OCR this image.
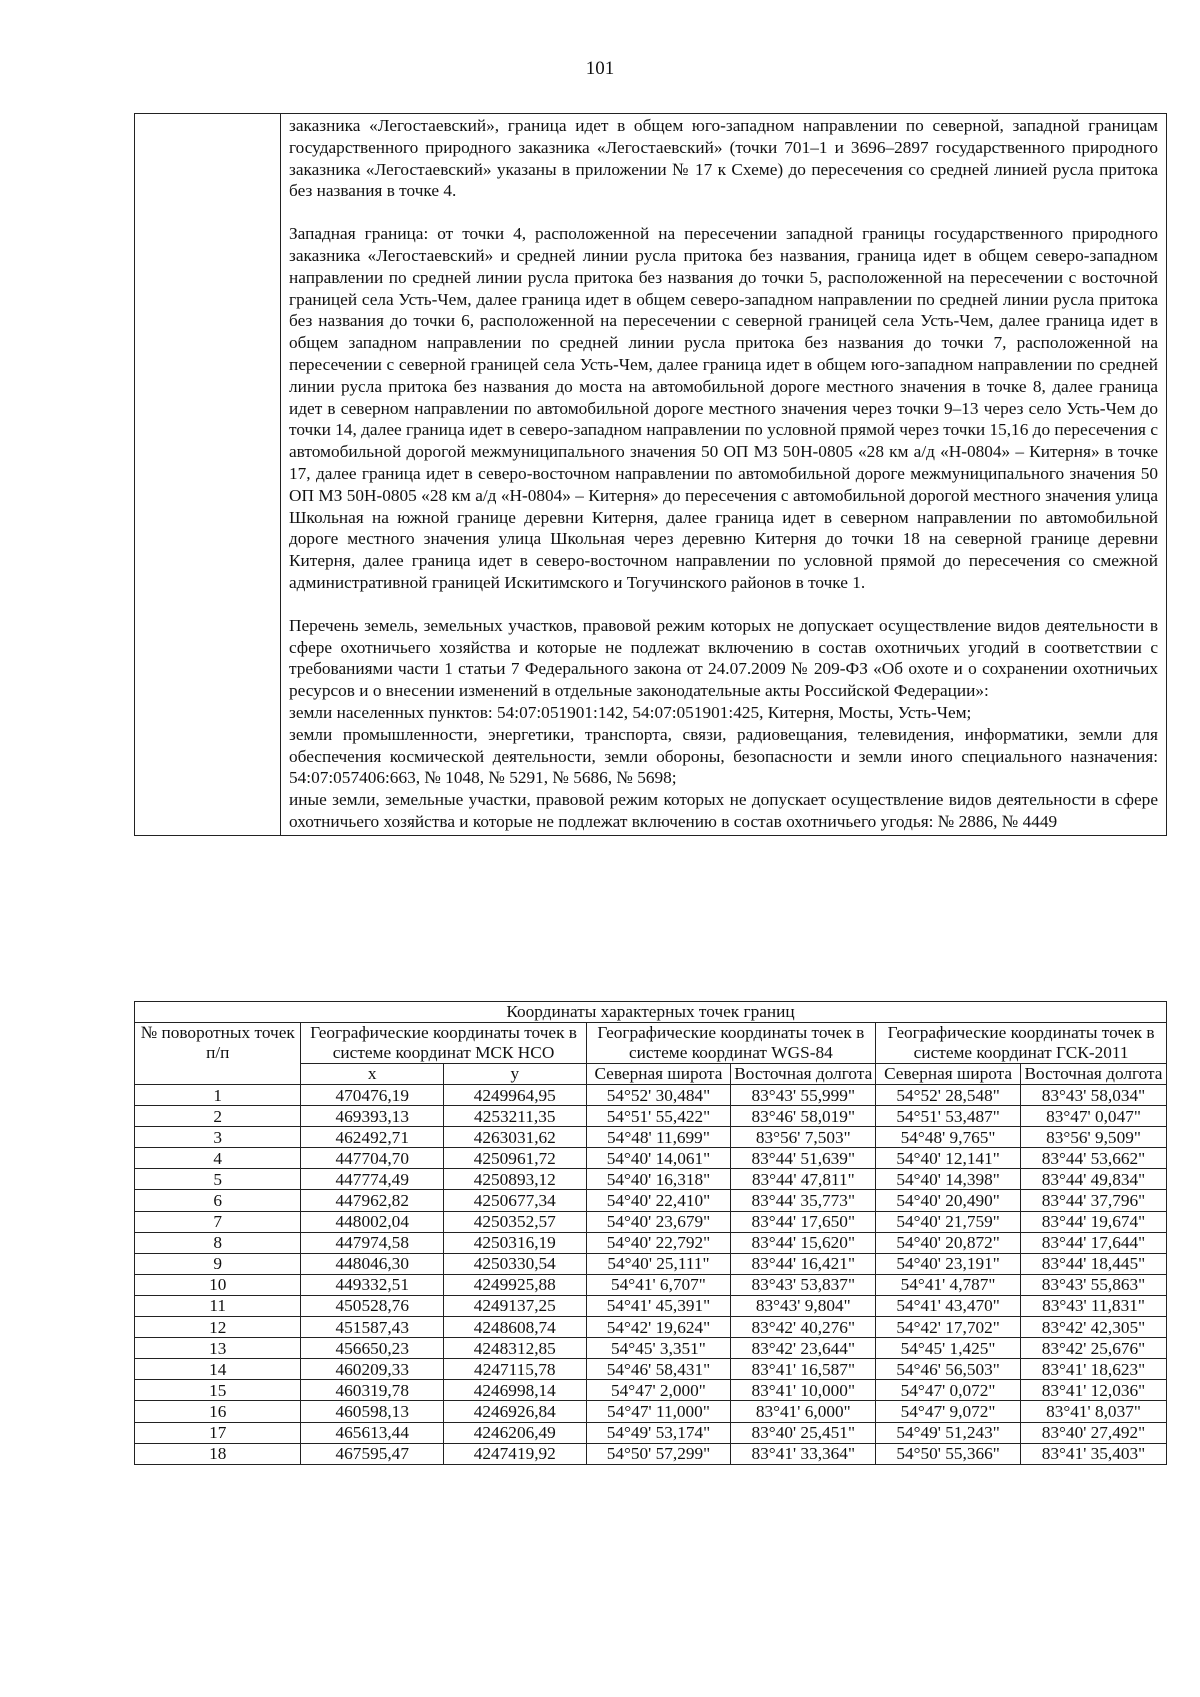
101

заказника «Легостаевский», граница идет в общем юго-западном направлении по северной, западной границам государственного природного заказника «Легостаевский» (точки 701–1 и 3696–2897 государственного природного заказника «Легостаевский» указаны в приложении № 17 к Схеме) до пересечения со средней линией русла притока без названия в точке 4.

Западная граница: от точки 4, расположенной на пересечении западной границы государственного природного заказника «Легостаевский» и средней линии русла притока без названия, граница идет в общем северо-западном направлении по средней линии русла притока без названия до точки 5, расположенной на пересечении с восточной границей села Усть-Чем, далее граница идет в общем северо-западном направлении по средней линии русла притока без названия до точки 6, расположенной на пересечении с северной границей села Усть-Чем, далее граница идет в общем западном направлении по средней линии русла притока без названия до точки 7, расположенной на пересечении с северной границей села Усть-Чем, далее граница идет в общем юго-западном направлении по средней линии русла притока без названия до моста на автомобильной дороге местного значения в точке 8, далее граница идет в северном направлении по автомобильной дороге местного значения через точки 9–13 через село Усть-Чем до точки 14, далее граница идет в северо-западном направлении по условной прямой через точки 15,16 до пересечения с автомобильной дорогой межмуниципального значения 50 ОП МЗ 50Н-0805 «28 км а/д «Н-0804» – Китерня» в точке 17, далее граница идет в северо-восточном направлении по автомобильной дороге межмуниципального значения 50 ОП МЗ 50Н-0805 «28 км а/д «Н-0804» – Китерня» до пересечения с автомобильной дорогой местного значения улица Школьная на южной границе деревни Китерня, далее граница идет в северном направлении по автомобильной дороге местного значения улица Школьная через деревню Китерня до точки 18 на северной границе деревни Китерня, далее граница идет в северо-восточном направлении по условной прямой до пересечения со смежной административной границей Искитимского и Тогучинского районов в точке 1.

Перечень земель, земельных участков, правовой режим которых не допускает осуществление видов деятельности в сфере охотничьего хозяйства и которые не подлежат включению в состав охотничьих угодий в соответствии с требованиями части 1 статьи 7 Федерального закона от 24.07.2009 № 209-ФЗ «Об охоте и о сохранении охотничьих ресурсов и о внесении изменений в отдельные законодательные акты Российской Федерации»:

земли населенных пунктов: 54:07:051901:142, 54:07:051901:425, Китерня, Мосты, Усть-Чем;

земли промышленности, энергетики, транспорта, связи, радиовещания, телевидения, информатики, земли для обеспечения космической деятельности, земли обороны, безопасности и земли иного специального назначения: 54:07:057406:663, № 1048, № 5291, № 5686, № 5698;

иные земли, земельные участки, правовой режим которых не допускает осуществление видов деятельности в сфере охотничьего хозяйства и которые не подлежат включению в состав охотничьего угодья: № 2886, № 4449

Координаты характерных точек границ						
№ поворотных точек п/п	Географические координаты точек в системе координат МСК НСО		Географические координаты точек в системе координат WGS-84		Географические координаты точек в системе координат ГСК-2011	
	x	y	Северная широта	Восточная долгота	Северная широта	Восточная долгота
1	470476,19	4249964,95	54°52' 30,484"	83°43' 55,999"	54°52' 28,548"	83°43' 58,034"
2	469393,13	4253211,35	54°51' 55,422"	83°46' 58,019"	54°51' 53,487"	83°47' 0,047"
3	462492,71	4263031,62	54°48' 11,699"	83°56' 7,503"	54°48' 9,765"	83°56' 9,509"
4	447704,70	4250961,72	54°40' 14,061"	83°44' 51,639"	54°40' 12,141"	83°44' 53,662"
5	447774,49	4250893,12	54°40' 16,318"	83°44' 47,811"	54°40' 14,398"	83°44' 49,834"
6	447962,82	4250677,34	54°40' 22,410"	83°44' 35,773"	54°40' 20,490"	83°44' 37,796"
7	448002,04	4250352,57	54°40' 23,679"	83°44' 17,650"	54°40' 21,759"	83°44' 19,674"
8	447974,58	4250316,19	54°40' 22,792"	83°44' 15,620"	54°40' 20,872"	83°44' 17,644"
9	448046,30	4250330,54	54°40' 25,111"	83°44' 16,421"	54°40' 23,191"	83°44' 18,445"
10	449332,51	4249925,88	54°41' 6,707"	83°43' 53,837"	54°41' 4,787"	83°43' 55,863"
11	450528,76	4249137,25	54°41' 45,391"	83°43' 9,804"	54°41' 43,470"	83°43' 11,831"
12	451587,43	4248608,74	54°42' 19,624"	83°42' 40,276"	54°42' 17,702"	83°42' 42,305"
13	456650,23	4248312,85	54°45' 3,351"	83°42' 23,644"	54°45' 1,425"	83°42' 25,676"
14	460209,33	4247115,78	54°46' 58,431"	83°41' 16,587"	54°46' 56,503"	83°41' 18,623"
15	460319,78	4246998,14	54°47' 2,000"	83°41' 10,000"	54°47' 0,072"	83°41' 12,036"
16	460598,13	4246926,84	54°47' 11,000"	83°41' 6,000"	54°47' 9,072"	83°41' 8,037"
17	465613,44	4246206,49	54°49' 53,174"	83°40' 25,451"	54°49' 51,243"	83°40' 27,492"
18	467595,47	4247419,92	54°50' 57,299"	83°41' 33,364"	54°50' 55,366"	83°41' 35,403"
